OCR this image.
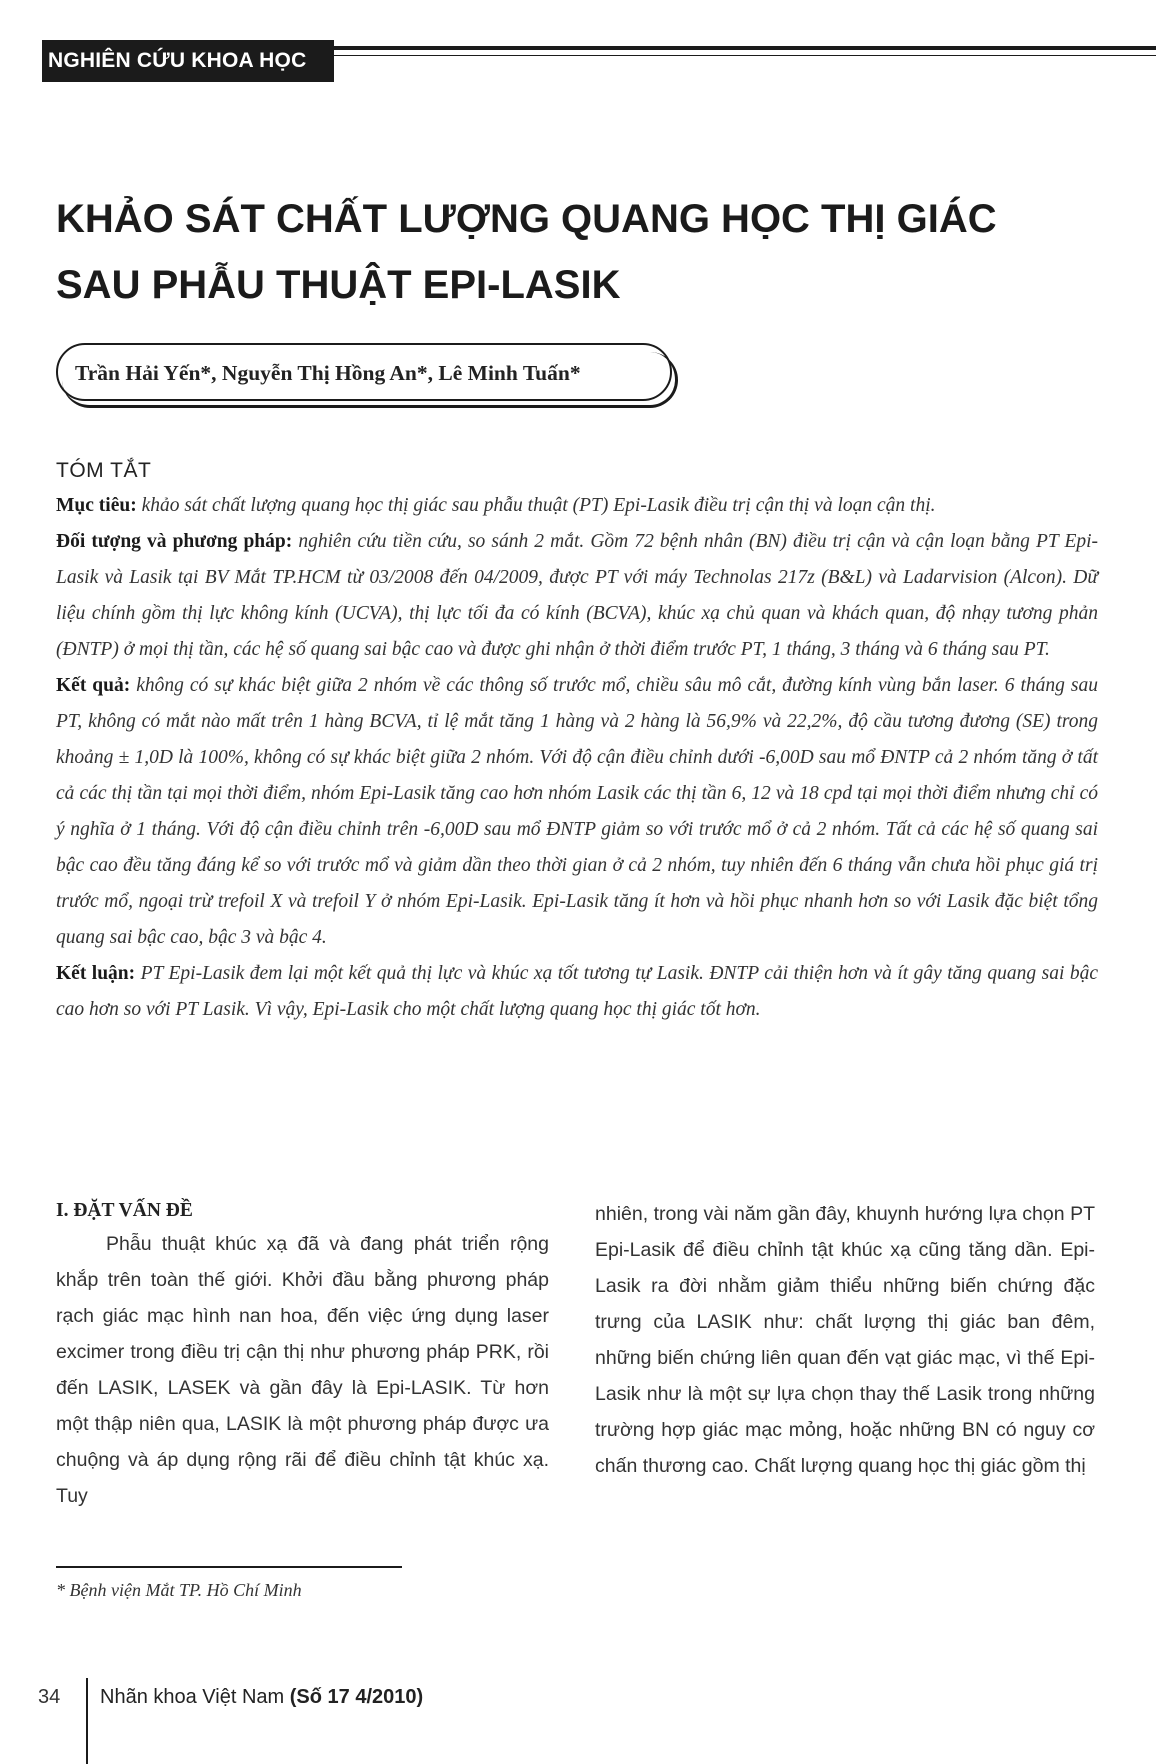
NGHIÊN CỨU KHOA HỌC
KHẢO SÁT CHẤT LƯỢNG QUANG HỌC THỊ GIÁC
SAU PHẪU THUẬT EPI-LASIK
Trần Hải Yến*, Nguyễn Thị Hồng An*, Lê Minh Tuấn*
TÓM TẮT

Mục tiêu: khảo sát chất lượng quang học thị giác sau phẫu thuật (PT) Epi-Lasik điều trị cận thị và loạn cận thị.

Đối tượng và phương pháp: nghiên cứu tiền cứu, so sánh 2 mắt. Gồm 72 bệnh nhân (BN) điều trị cận và cận loạn bằng PT Epi-Lasik và Lasik tại BV Mắt TP.HCM từ 03/2008 đến 04/2009, được PT với máy Technolas 217z (B&L) và Ladarvision (Alcon). Dữ liệu chính gồm thị lực không kính (UCVA), thị lực tối đa có kính (BCVA), khúc xạ chủ quan và khách quan, độ nhạy tương phản (ĐNTP) ở mọi thị tần, các hệ số quang sai bậc cao và được ghi nhận ở thời điểm trước PT, 1 tháng, 3 tháng và 6 tháng sau PT.

Kết quả: không có sự khác biệt giữa 2 nhóm về các thông số trước mổ, chiều sâu mô cắt, đường kính vùng bắn laser. 6 tháng sau PT, không có mắt nào mất trên 1 hàng BCVA, tỉ lệ mắt tăng 1 hàng và 2 hàng là 56,9% và 22,2%, độ cầu tương đương (SE) trong khoảng ± 1,0D là 100%, không có sự khác biệt giữa 2 nhóm. Với độ cận điều chỉnh dưới -6,00D sau mổ ĐNTP cả 2 nhóm tăng ở tất cả các thị tần tại mọi thời điểm, nhóm Epi-Lasik tăng cao hơn nhóm Lasik các thị tần 6, 12 và 18 cpd tại mọi thời điểm nhưng chỉ có ý nghĩa ở 1 tháng. Với độ cận điều chỉnh trên -6,00D sau mổ ĐNTP giảm so với trước mổ ở cả 2 nhóm. Tất cả các hệ số quang sai bậc cao đều tăng đáng kể so với trước mổ và giảm dần theo thời gian ở cả 2 nhóm, tuy nhiên đến 6 tháng vẫn chưa hồi phục giá trị trước mổ, ngoại trừ trefoil X và trefoil Y ở nhóm Epi-Lasik. Epi-Lasik tăng ít hơn và hồi phục nhanh hơn so với Lasik đặc biệt tổng quang sai bậc cao, bậc 3 và bậc 4.

Kết luận: PT Epi-Lasik đem lại một kết quả thị lực và khúc xạ tốt tương tự Lasik. ĐNTP cải thiện hơn và ít gây tăng quang sai bậc cao hơn so với PT Lasik. Vì vậy, Epi-Lasik cho một chất lượng quang học thị giác tốt hơn.

I. ĐẶT VẤN ĐỀ

Phẫu thuật khúc xạ đã và đang phát triển rộng khắp trên toàn thế giới. Khởi đầu bằng phương pháp rạch giác mạc hình nan hoa, đến việc ứng dụng laser excimer trong điều trị cận thị như phương pháp PRK, rồi đến LASIK, LASEK và gần đây là Epi-LASIK. Từ hơn một thập niên qua, LASIK là một phương pháp được ưa chuộng và áp dụng rộng rãi để điều chỉnh tật khúc xạ. Tuy

nhiên, trong vài năm gần đây, khuynh hướng lựa chọn PT Epi-Lasik để điều chỉnh tật khúc xạ cũng tăng dần. Epi-Lasik ra đời nhằm giảm thiểu những biến chứng đặc trưng của LASIK như: chất lượng thị giác ban đêm, những biến chứng liên quan đến vạt giác mạc, vì thế Epi-Lasik như là một sự lựa chọn thay thế Lasik trong những trường hợp giác mạc mỏng, hoặc những BN có nguy cơ chấn thương cao. Chất lượng quang học thị giác gồm thị

* Bệnh viện Mắt TP. Hồ Chí Minh
34 Nhãn khoa Việt Nam (Số 17 4/2010)
